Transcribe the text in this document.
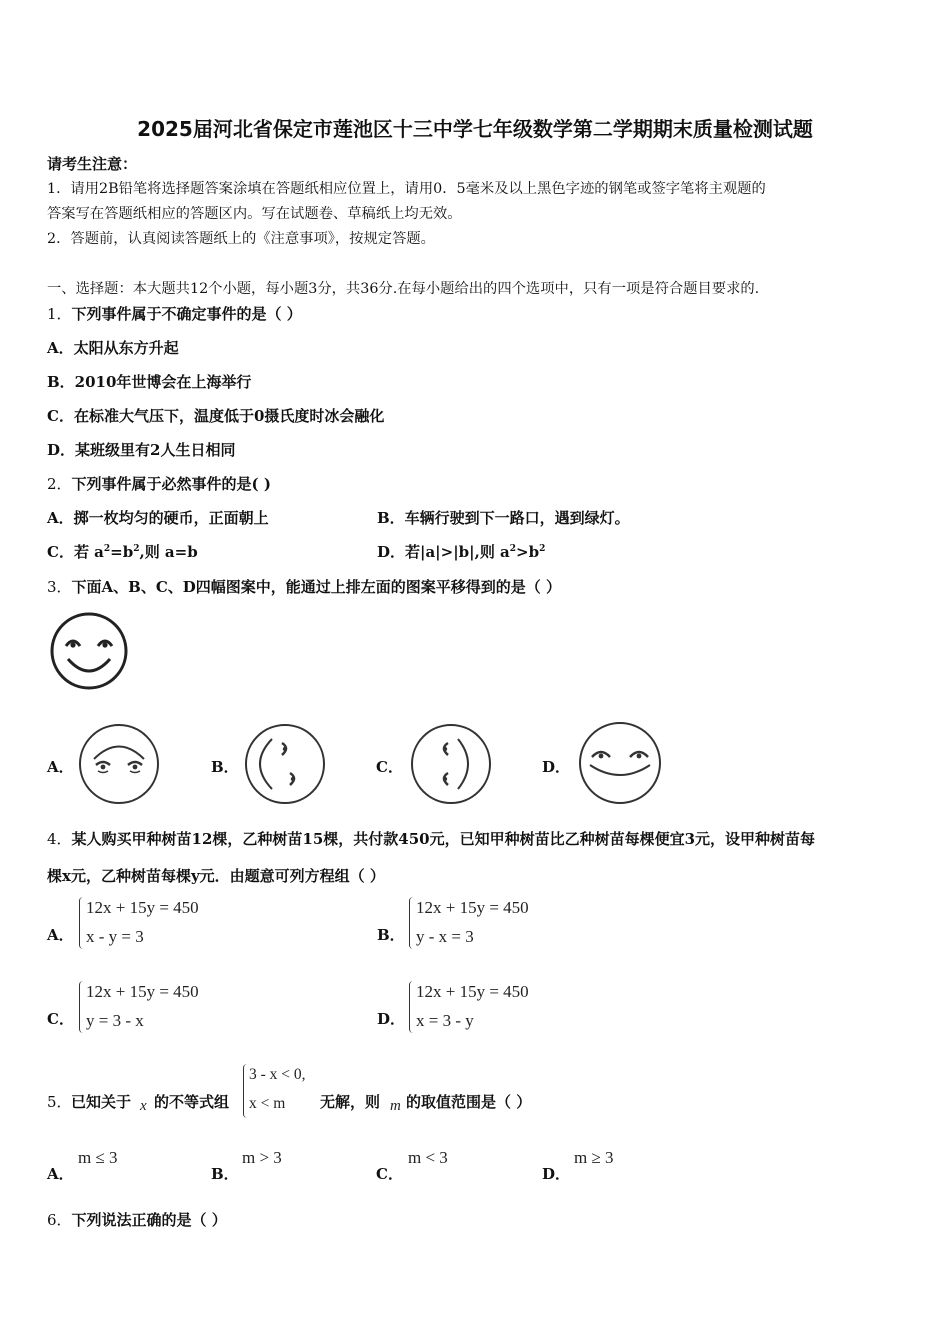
2025届河北省保定市莲池区十三中学七年级数学第二学期期末质量检测试题
请考生注意：
1．请用2B铅笔将选择题答案涂填在答题纸相应位置上，请用0．5毫米及以上黑色字迹的钢笔或签字笔将主观题的
答案写在答题纸相应的答题区内。写在试题卷、草稿纸上均无效。
2．答题前，认真阅读答题纸上的《注意事项》，按规定答题。
一、选择题：本大题共12个小题，每小题3分，共36分.在每小题给出的四个选项中，只有一项是符合题目要求的.
1．下列事件属于不确定事件的是（ ）
A．太阳从东方升起
B．2010年世博会在上海举行
C．在标准大气压下，温度低于0摄氏度时冰会融化
D．某班级里有2人生日相同
2．下列事件属于必然事件的是( )
A．掷一枚均匀的硬币，正面朝上	B．车辆行驶到下一路口，遇到绿灯。
C．若 $a^2=b^2$,则 a=b	D．若|a|>|b|,则 $a^2>b^2$
3．下面A、B、C、D四幅图案中，能通过上排左面的图案平移得到的是（ ）
A．	B．	C．	D．
4．某人购买甲种树苗12棵，乙种树苗15棵，共付款450元，已知甲种树苗比乙种树苗每棵便宜3元，设甲种树苗每
棵x元，乙种树苗每棵y元．由题意可列方程组（ ）
A．
12x + 15y = 450
x - y = 3	B．
12x + 15y = 450
y - x = 3
C．
12x + 15y = 450
y = 3 - x	D．
12x + 15y = 450
x = 3 - y
5． 已知关于 x 的不等式组
3 - x < 0,
x < m 无解，则 m 的取值范围是（ ）
A．
m ≤ 3
B．
m > 3
C．
m < 3
D．
m ≥ 3
6．下列说法正确的是（ ）
